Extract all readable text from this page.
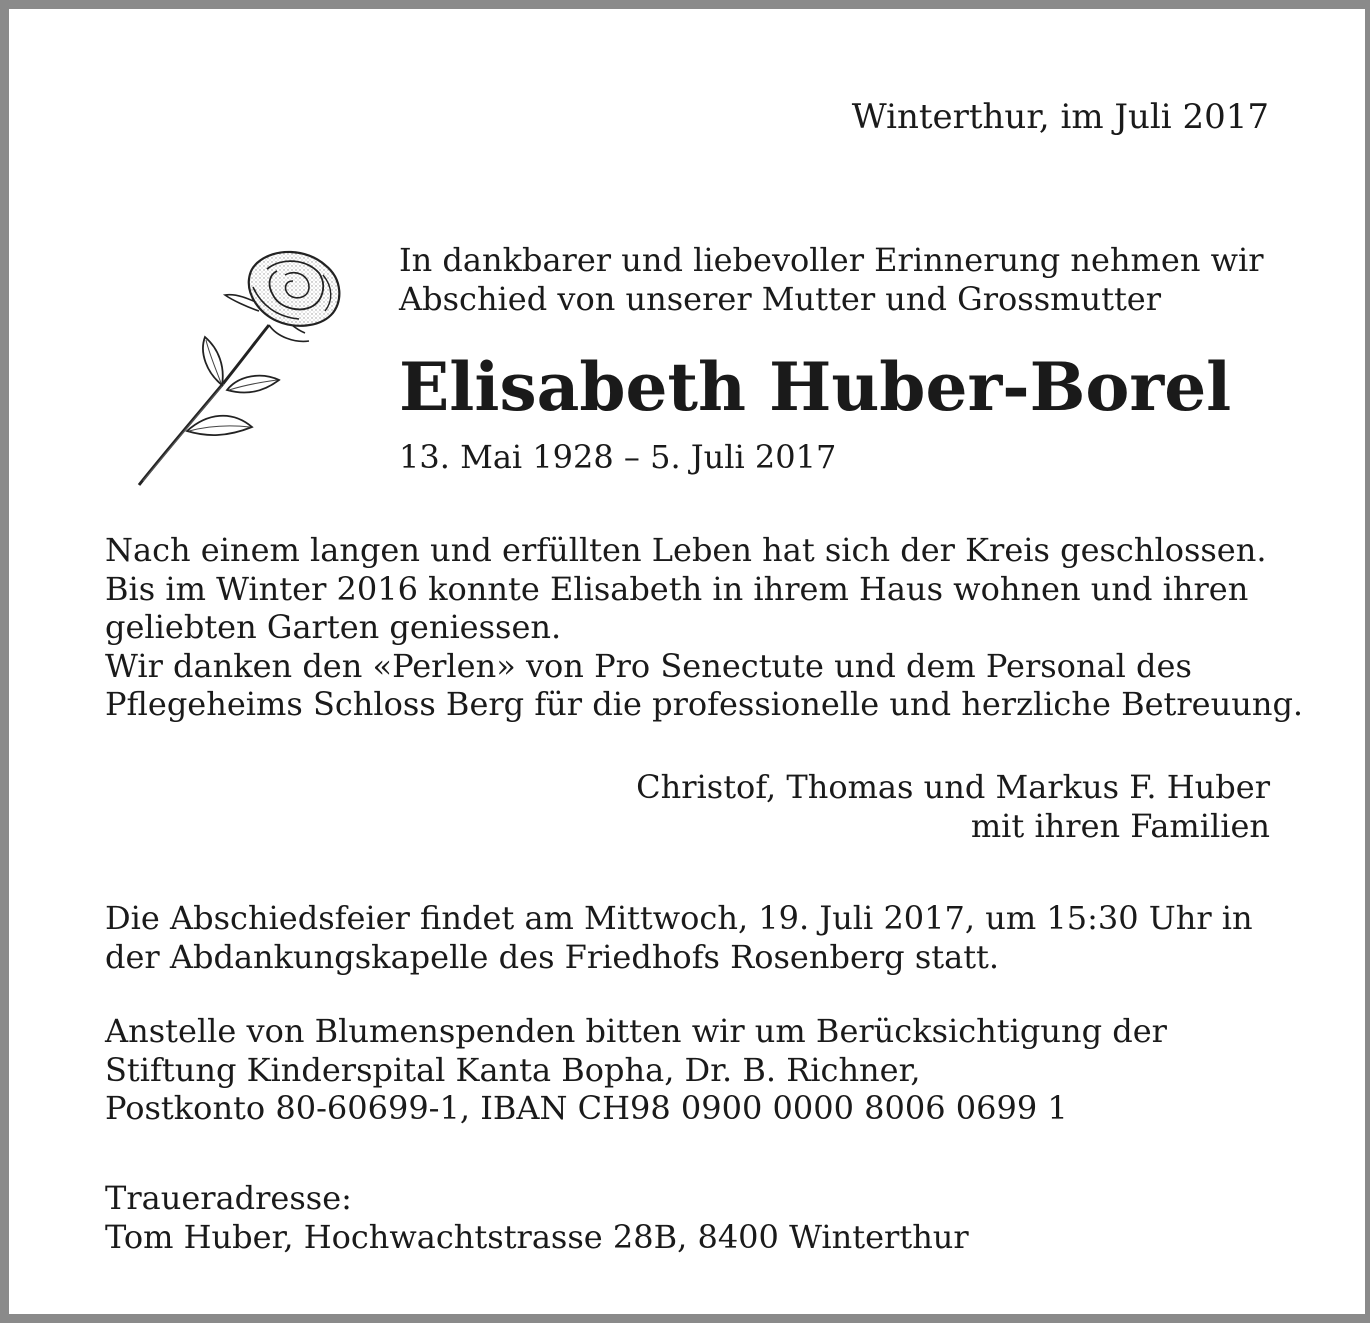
Winterthur, im Juli 2017
In dankbarer und liebevoller Erinnerung nehmen wir
Abschied von unserer Mutter und Grossmutter
Elisabeth Huber-Borel
13. Mai 1928 – 5. Juli 2017
Nach einem langen und erfüllten Leben hat sich der Kreis geschlossen.
Bis im Winter 2016 konnte Elisabeth in ihrem Haus wohnen und ihren
geliebten Garten geniessen.
Wir danken den «Perlen» von Pro Senectute und dem Personal des
Pflegeheims Schloss Berg für die professionelle und herzliche Betreuung.
Christof, Thomas und Markus F. Huber
mit ihren Familien
Die Abschiedsfeier findet am Mittwoch, 19. Juli 2017, um 15:30 Uhr in
der Abdankungskapelle des Friedhofs Rosenberg statt.
Anstelle von Blumenspenden bitten wir um Berücksichtigung der
Stiftung Kinderspital Kanta Bopha, Dr. B. Richner,
Postkonto 80-60699-1, IBAN CH98 0900 0000 8006 0699 1
Traueradresse:
Tom Huber, Hochwachtstrasse 28B, 8400 Winterthur
